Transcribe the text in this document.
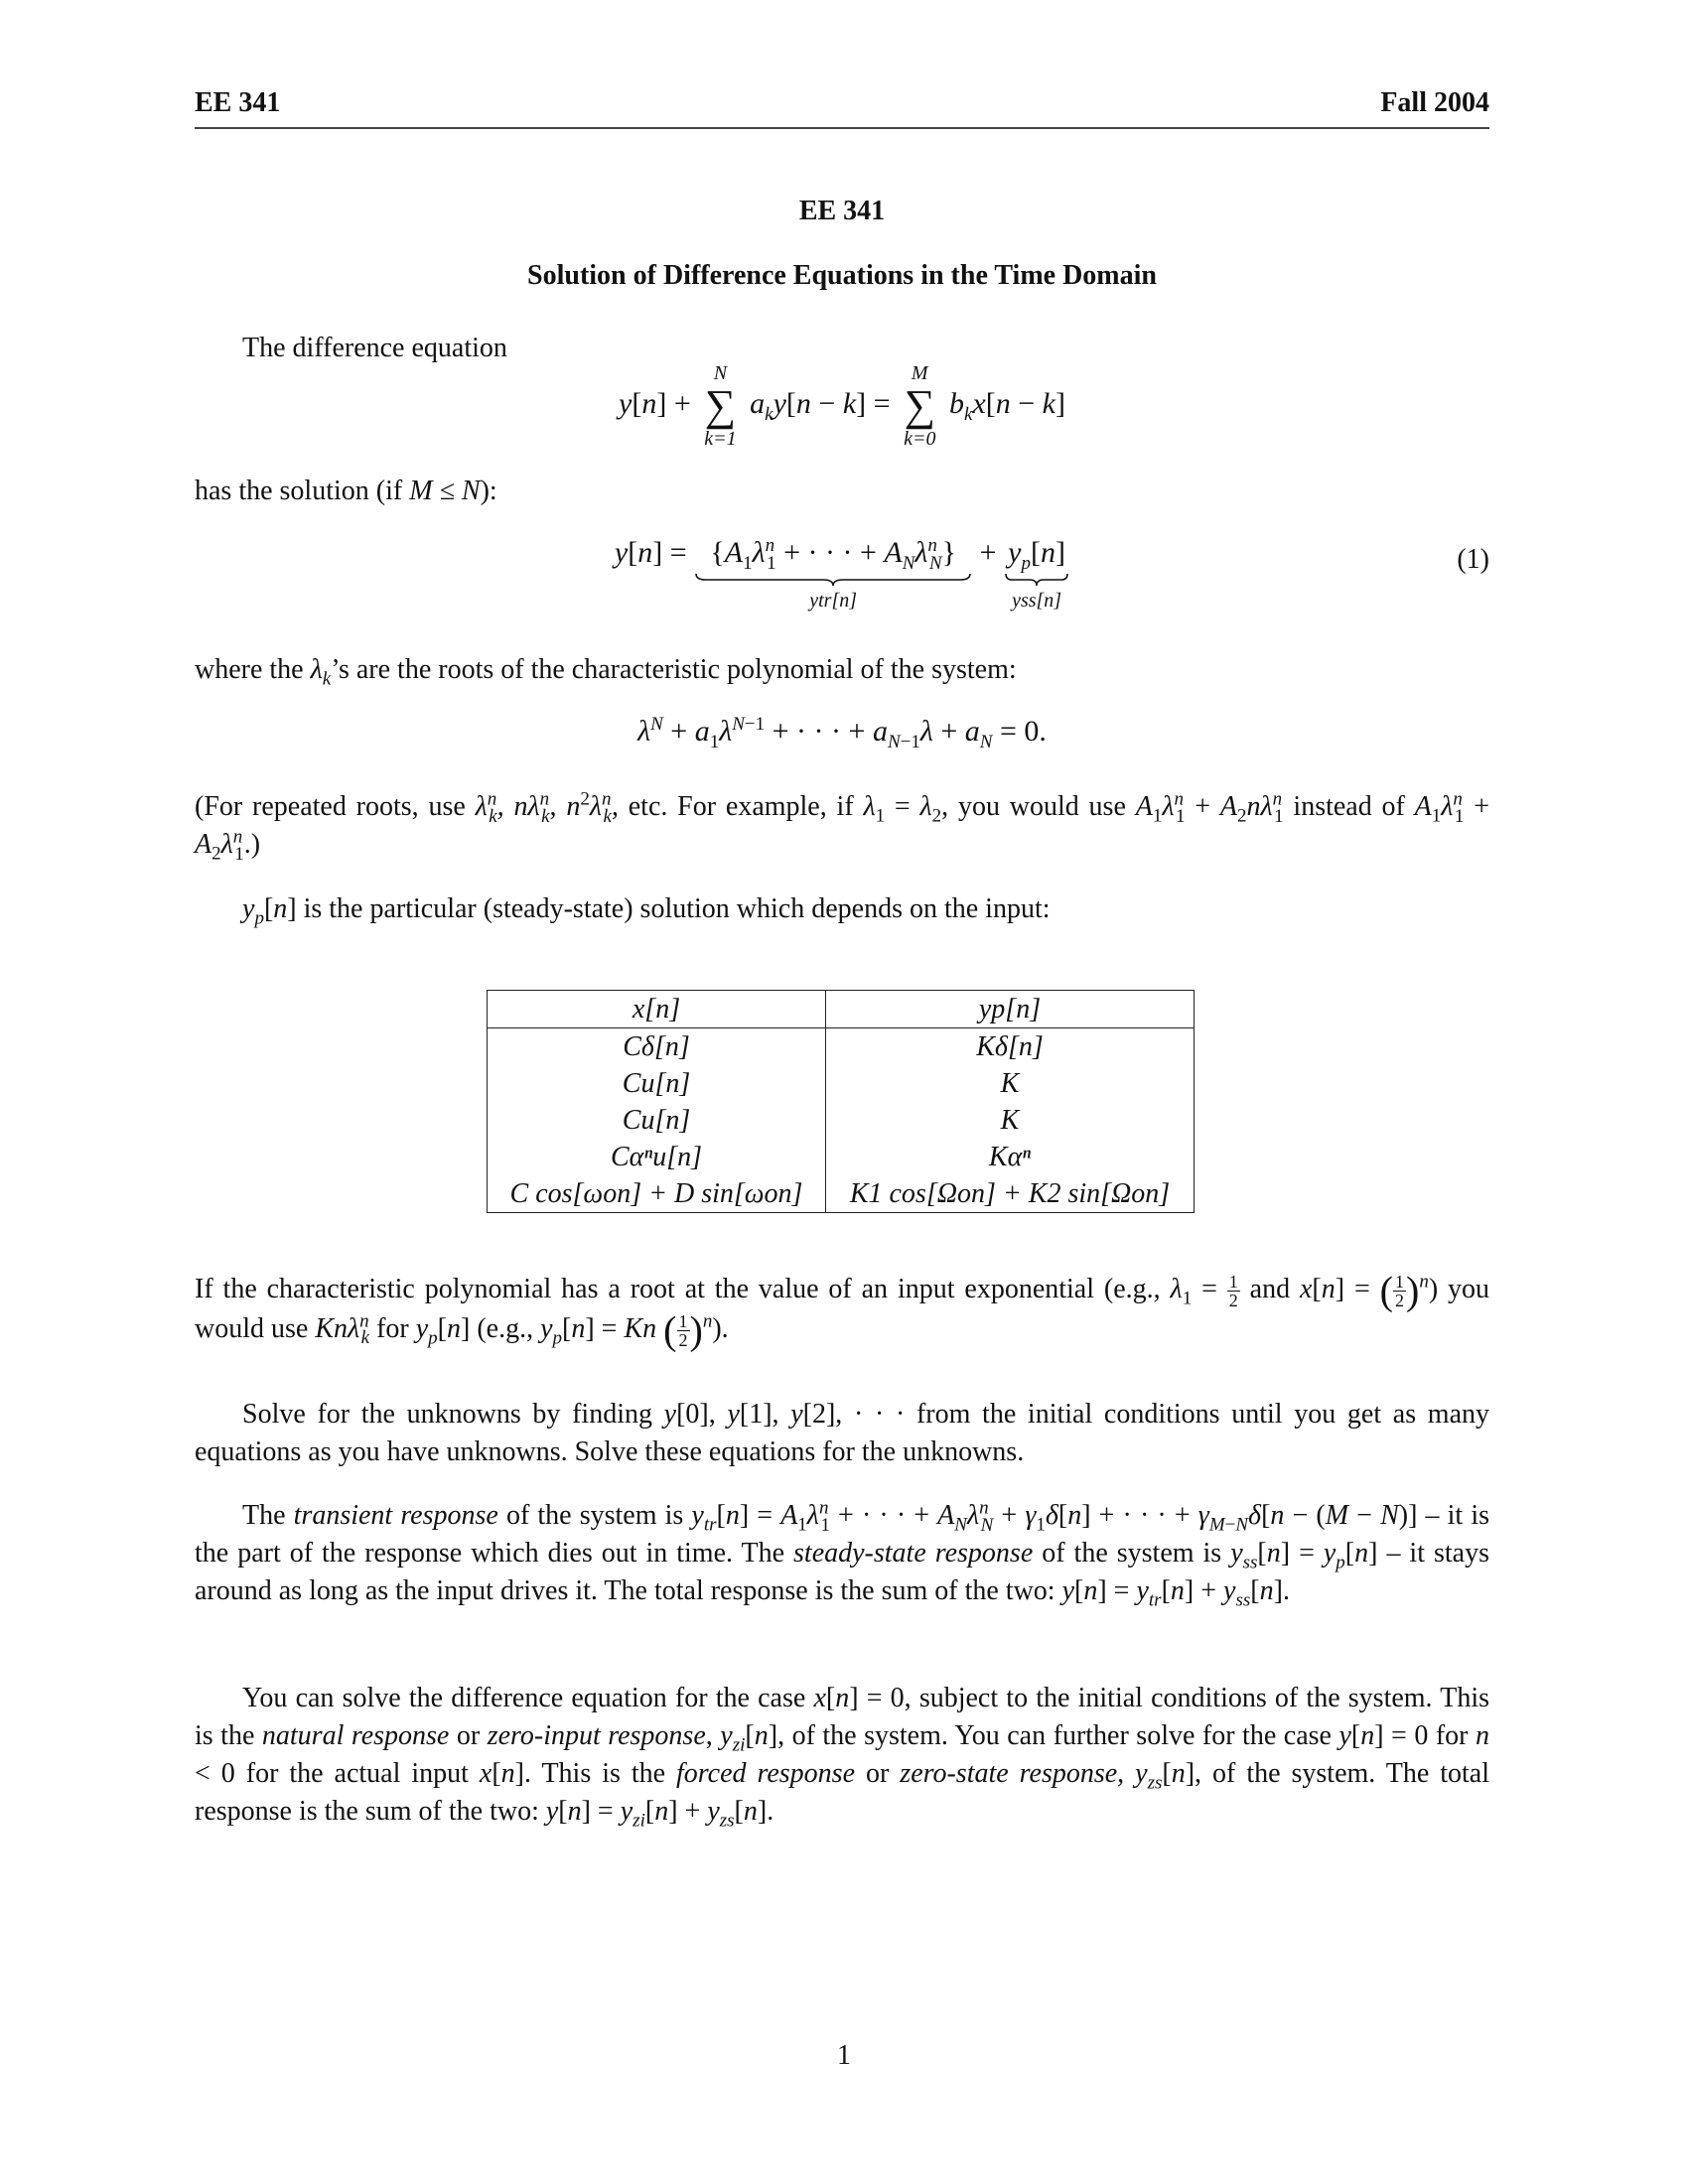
EE 341	Fall 2004
EE 341
Solution of Difference Equations in the Time Domain
The difference equation
y[n] +
N
∑
k=1
$a_ky[n - k]$ =
M
∑
k=0
$b_kx[n - k]$
has the solution (if M ≤ N):
$y[n] = \{A_1\lambda^n_1$ + · · · + $A_N\lambda^n_N$}
ytr[n]
+ $y_p[n]$
yss[n]
(1)
where the $\lambda_k’s$ are the roots of the characteristic polynomial of the system:
$\lambda^N + a_1\lambda^{N-1}$ + · · · + $a_{N-1}\lambda + a_N = 0$.
(For repeated roots, use $\lambda^n_k$, $n\lambda^n_k$, $n^2\lambda^n_k$, etc. For example, if $\lambda_1 = \lambda_2$, you would use $A_1\lambda^n_1 + A_2n\lambda^n_1$ instead of $A_1\lambda^n_1 + A_2\lambda^n_1$.)
$y_p[n]$ is the particular (steady-state) solution which depends on the input:
x[n]	yp[n]
Cδ[n]	Kδ[n]
Cu[n]	K
Cu[n]	K
Cαⁿu[n]	Kαⁿ
C cos[ωon] + D sin[ωon]	K1 cos[Ωon] + K2 sin[Ωon]
If the characteristic polynomial has a root at the value of an input exponential (e.g., $\lambda_1 = \frac{1}{2}$ and x[n] = ( $\frac{1}{2} )^n$) you would use Knλ$^n_k$ for $y_p[n]$ (e.g., $y_p[n] = Kn$ ( $\frac{1}{2} )^n$).
Solve for the unknowns by finding y[0], y[1], y[2], · · · from the initial conditions until you get as many equations as you have unknowns. Solve these equations for the unknowns.
The transient response of the system is $y_{tr}[n] = A_1\lambda^n_1$ + · · · + $A_N\lambda^n_N + \gamma_1\delta[n]$ + · · · + $\gamma_{M-N}\delta[n - (M - N)]$ – it is the part of the response which dies out in time. The steady-state response of the system is $y_{ss}[n] = y_p[n]$ – it stays around as long as the input drives it. The total response is the sum of the two: $y[n] = y_{tr}[n] + y_{ss}[n]$.
You can solve the difference equation for the case x[n] = 0, subject to the initial conditions of the system. This is the natural response or zero-input response, $y_{zi}[n]$, of the system. You can further solve for the case y[n] = 0 for n < 0 for the actual input x[n]. This is the forced response or zero-state response, $y_{zs}[n]$, of the system. The total response is the sum of the two: $y[n] = y_{zi}[n] + y_{zs}[n]$.
1
